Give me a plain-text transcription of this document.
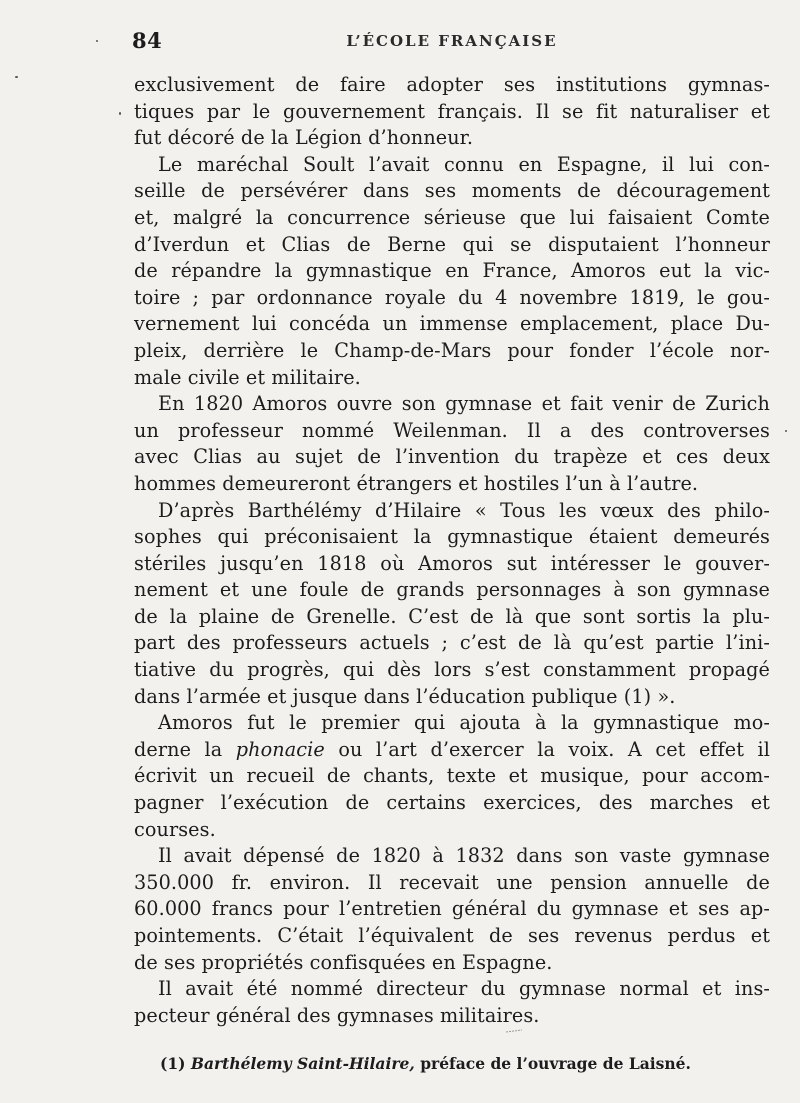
84	L’ÉCOLE FRANÇAISE
exclusivement de faire adopter ses institutions gymnas-
tiques par le gouvernement français. Il se fit naturaliser et
fut décoré de la Légion d’honneur.
Le maréchal Soult l’avait connu en Espagne, il lui con-
seille de persévérer dans ses moments de découragement
et, malgré la concurrence sérieuse que lui faisaient Comte
d’Iverdun et Clias de Berne qui se disputaient l’honneur
de répandre la gymnastique en France, Amoros eut la vic-
toire ; par ordonnance royale du 4 novembre 1819, le gou-
vernement lui concéda un immense emplacement, place Du-
pleix, derrière le Champ-de-Mars pour fonder l’école nor-
male civile et militaire.
En 1820 Amoros ouvre son gymnase et fait venir de Zurich
un professeur nommé Weilenman. Il a des controverses
avec Clias au sujet de l’invention du trapèze et ces deux
hommes demeureront étrangers et hostiles l’un à l’autre.
D’après Barthélémy d’Hilaire « Tous les vœux des philo-
sophes qui préconisaient la gymnastique étaient demeurés
stériles jusqu’en 1818 où Amoros sut intéresser le gouver-
nement et une foule de grands personnages à son gymnase
de la plaine de Grenelle. C’est de là que sont sortis la plu-
part des professeurs actuels ; c’est de là qu’est partie l’ini-
tiative du progrès, qui dès lors s’est constamment propagé
dans l’armée et jusque dans l’éducation publique (1) ».
Amoros fut le premier qui ajouta à la gymnastique mo-
derne la phonacie ou l’art d’exercer la voix. A cet effet il
écrivit un recueil de chants, texte et musique, pour accom-
pagner l’exécution de certains exercices, des marches et
courses.
Il avait dépensé de 1820 à 1832 dans son vaste gymnase
350.000 fr. environ. Il recevait une pension annuelle de
60.000 francs pour l’entretien général du gymnase et ses ap-
pointements. C’était l’équivalent de ses revenus perdus et
de ses propriétés confisquées en Espagne.
Il avait été nommé directeur du gymnase normal et ins-
pecteur général des gymnases militaires.
(1) Barthélemy Saint-Hilaire, préface de l’ouvrage de Laisné.
